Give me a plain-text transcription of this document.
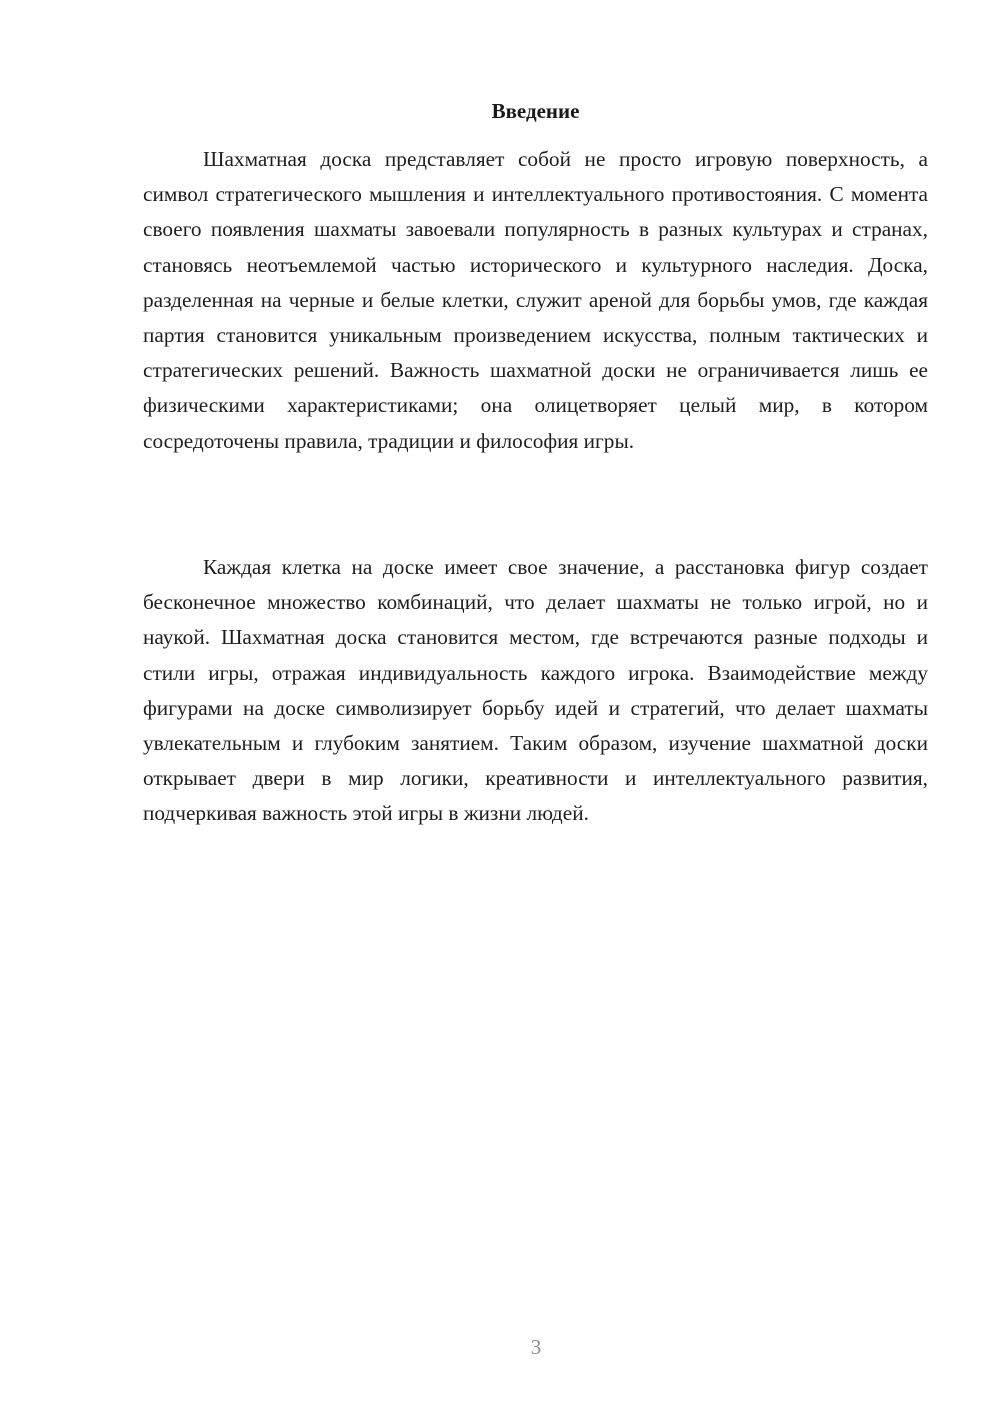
Введение

Шахматная доска представляет собой не просто игровую поверхность, а символ стратегического мышления и интеллектуального противостояния. С момента своего появления шахматы завоевали популярность в разных культурах и странах, становясь неотъемлемой частью исторического и культурного наследия. Доска, разделенная на черные и белые клетки, служит ареной для борьбы умов, где каждая партия становится уникальным произведением искусства, полным тактических и стратегических решений. Важность шахматной доски не ограничивается лишь ее физическими характеристиками; она олицетворяет целый мир, в котором сосредоточены правила, традиции и философия игры.

Каждая клетка на доске имеет свое значение, а расстановка фигур создает бесконечное множество комбинаций, что делает шахматы не только игрой, но и наукой. Шахматная доска становится местом, где встречаются разные подходы и стили игры, отражая индивидуальность каждого игрока. Взаимодействие между фигурами на доске символизирует борьбу идей и стратегий, что делает шахматы увлекательным и глубоким занятием. Таким образом, изучение шахматной доски открывает двери в мир логики, креативности и интеллектуального развития, подчеркивая важность этой игры в жизни людей.

3
